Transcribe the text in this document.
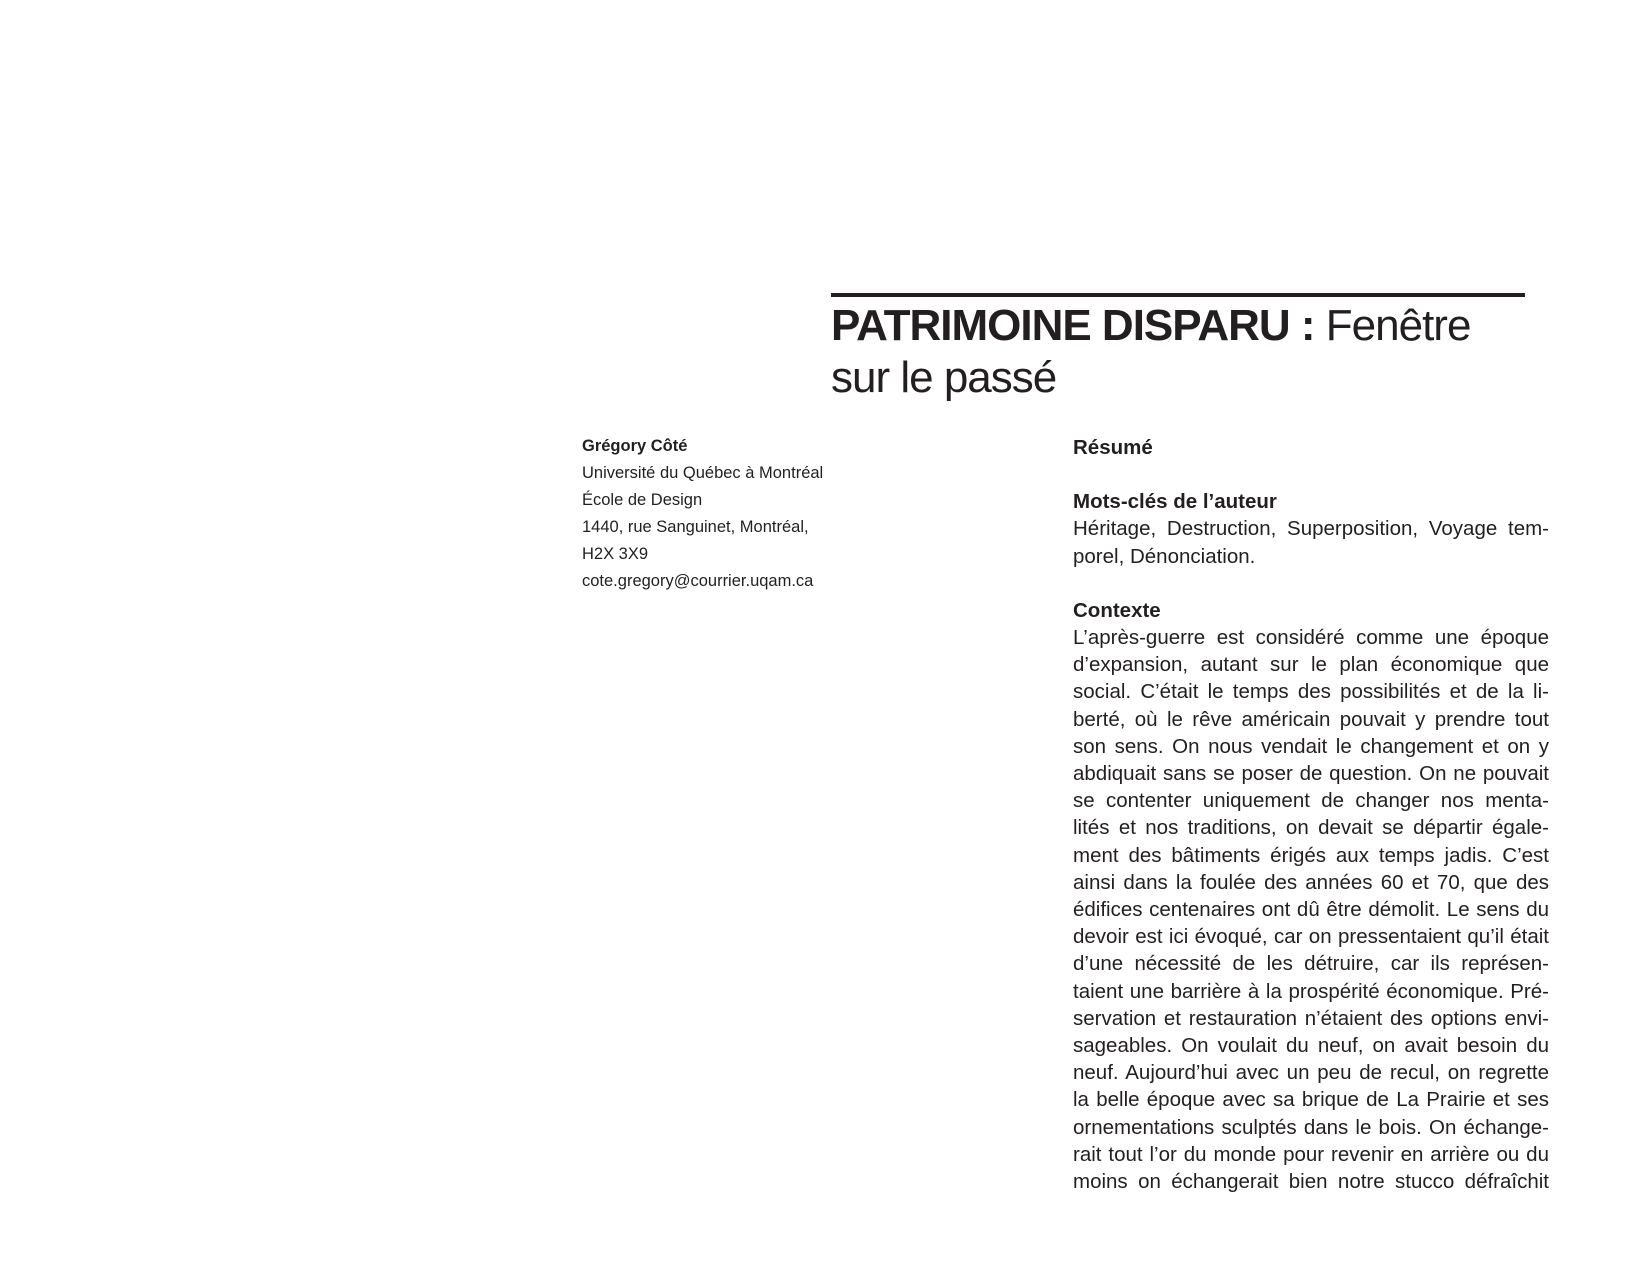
PATRIMOINE DISPARU : Fenêtre sur le passé
Grégory Côté
Université du Québec à Montréal
École de Design
1440, rue Sanguinet, Montréal,
H2X 3X9
cote.gregory@courrier.uqam.ca
Résumé
Mots-clés de l’auteur

Héritage, Destruction, Superposition, Voyage tem-
porel, Dénonciation.

Contexte

L’après-guerre est considéré comme une époque
d’expansion, autant sur le plan économique que
social. C’était le temps des possibilités et de la li-
berté, où le rêve américain pouvait y prendre tout
son sens. On nous vendait le changement et on y
abdiquait sans se poser de question. On ne pouvait
se contenter uniquement de changer nos menta-
lités et nos traditions, on devait se départir égale-
ment des bâtiments érigés aux temps jadis. C’est
ainsi dans la foulée des années 60 et 70, que des
édifices centenaires ont dû être démolit. Le sens du
devoir est ici évoqué, car on pressentaient qu’il était
d’une nécessité de les détruire, car ils représen-
taient une barrière à la prospérité économique. Pré-
servation et restauration n’étaient des options envi-
sageables. On voulait du neuf, on avait besoin du
neuf. Aujourd’hui avec un peu de recul, on regrette
la belle époque avec sa brique de La Prairie et ses
ornementations sculptés dans le bois. On échange-
rait tout l’or du monde pour revenir en arrière ou du
moins on échangerait bien notre stucco défraîchit
